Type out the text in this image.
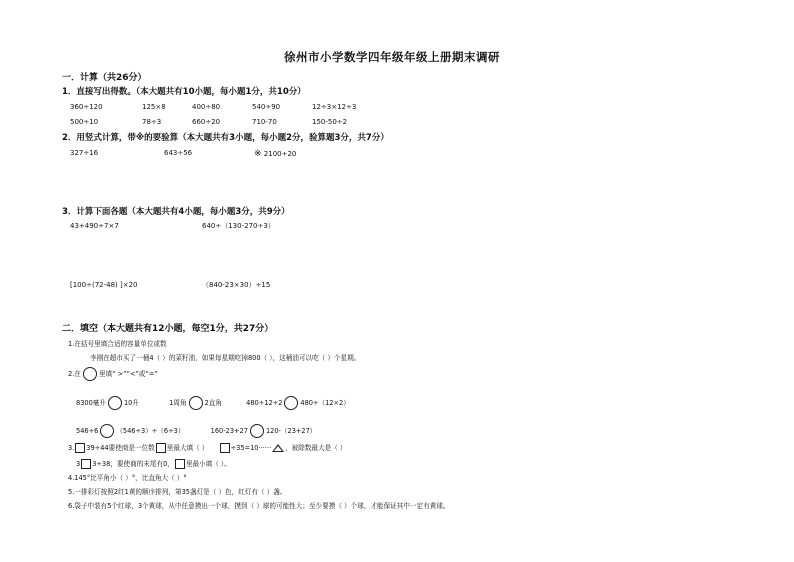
徐州市小学数学四年级年级上册期末调研
一．计算（共26分）
1．直接写出得数。（本大题共有10小题，每小题1分，共10分）
360÷120	125×8	400÷80	540÷90	12÷3×12÷3
500÷10	78÷3	660÷20	710-70	150-50÷2
2．用竖式计算，带※的要验算（本大题共有3小题，每小题2分，验算题3分，共7分）
327÷16	643÷56	※ 2100÷20
3．计算下面各题（本大题共有4小题，每小题3分，共9分）
43+490÷7×7	640÷（130-270÷3）
[100÷(72-48) ]×20	（840-23×30）÷15
二．填空（本大题共有12小题，每空1分，共27分）
1.在括号里填合适的容量单位或数
李刚在超市买了一桶4（ ）的菜籽油，如果每星期吃掉800（ ），这桶油可以吃（ ）个星期。
2.在	里填“ >”“<”或“=”
8300毫升	10升	1周角	2直角	480÷12÷2	480÷（12×2）
546÷6	（546÷3）÷（6÷3）	160-23+27	120-（23+27）
3. 39÷44要使商是一位数 里最大填（ ）	÷35=10······ ，被除数最大是（ ）
3 3÷38，要使商的末尾有0， 里最小填（ ）。
4.145°比平角小（ ）°，比直角大（ ）°
5.一排彩灯按照2红1黄的顺序排列，第35盏灯是（ ）色，红灯有（ ）盏。
6.袋子中装有5个红球，3个黄球，从中任意摸出一个球，摸到（ ）球的可能性大；至少要摸（ ）个球，才能保证其中一定有黄球。
